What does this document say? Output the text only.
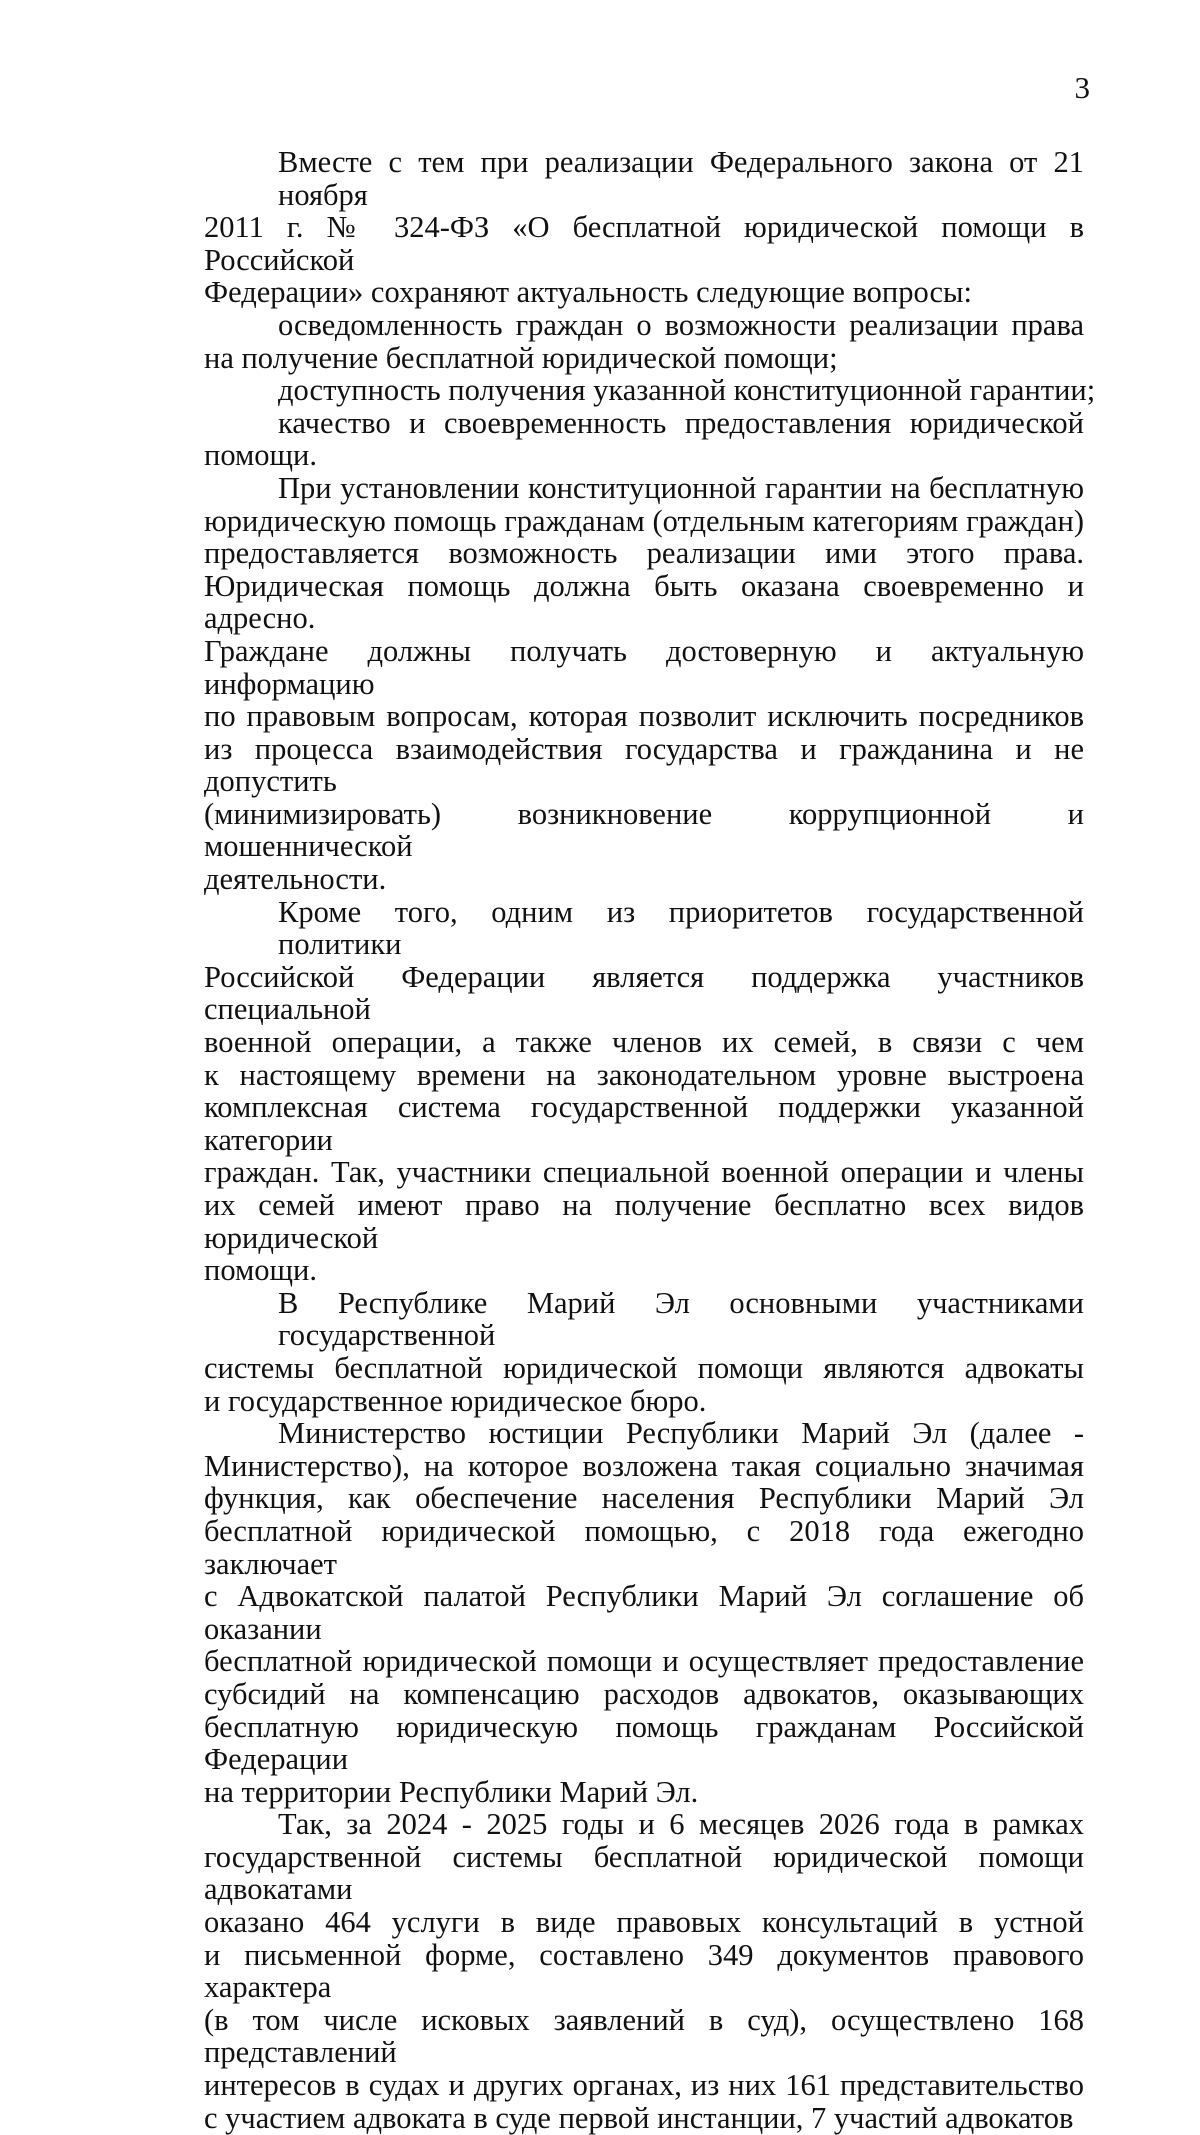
3
Вместе с тем при реализации Федерального закона от 21 ноября
2011 г. № 324-ФЗ «О бесплатной юридической помощи в Российской
Федерации» сохраняют актуальность следующие вопросы:
осведомленность граждан о возможности реализации права
на получение бесплатной юридической помощи;
доступность получения указанной конституционной гарантии;
качество и своевременность предоставления юридической
помощи.
При установлении конституционной гарантии на бесплатную
юридическую помощь гражданам (отдельным категориям граждан)
предоставляется возможность реализации ими этого права.
Юридическая помощь должна быть оказана своевременно и адресно.
Граждане должны получать достоверную и актуальную информацию
по правовым вопросам, которая позволит исключить посредников
из процесса взаимодействия государства и гражданина и не допустить
(минимизировать) возникновение коррупционной и мошеннической
деятельности.
Кроме того, одним из приоритетов государственной политики
Российской Федерации является поддержка участников специальной
военной операции, а также членов их семей, в связи с чем
к настоящему времени на законодательном уровне выстроена
комплексная система государственной поддержки указанной категории
граждан. Так, участники специальной военной операции и члены
их семей имеют право на получение бесплатно всех видов юридической
помощи.
В Республике Марий Эл основными участниками государственной
системы бесплатной юридической помощи являются адвокаты
и государственное юридическое бюро.
Министерство юстиции Республики Марий Эл (далее -
Министерство), на которое возложена такая социально значимая
функция, как обеспечение населения Республики Марий Эл
бесплатной юридической помощью, с 2018 года ежегодно заключает
с Адвокатской палатой Республики Марий Эл соглашение об оказании
бесплатной юридической помощи и осуществляет предоставление
субсидий на компенсацию расходов адвокатов, оказывающих
бесплатную юридическую помощь гражданам Российской Федерации
на территории Республики Марий Эл.
Так, за 2024 - 2025 годы и 6 месяцев 2026 года в рамках
государственной системы бесплатной юридической помощи адвокатами
оказано 464 услуги в виде правовых консультаций в устной
и письменной форме, составлено 349 документов правового характера
(в том числе исковых заявлений в суд), осуществлено 168 представлений
интересов в судах и других органах, из них 161 представительство
с участием адвоката в суде первой инстанции, 7 участий адвокатов
